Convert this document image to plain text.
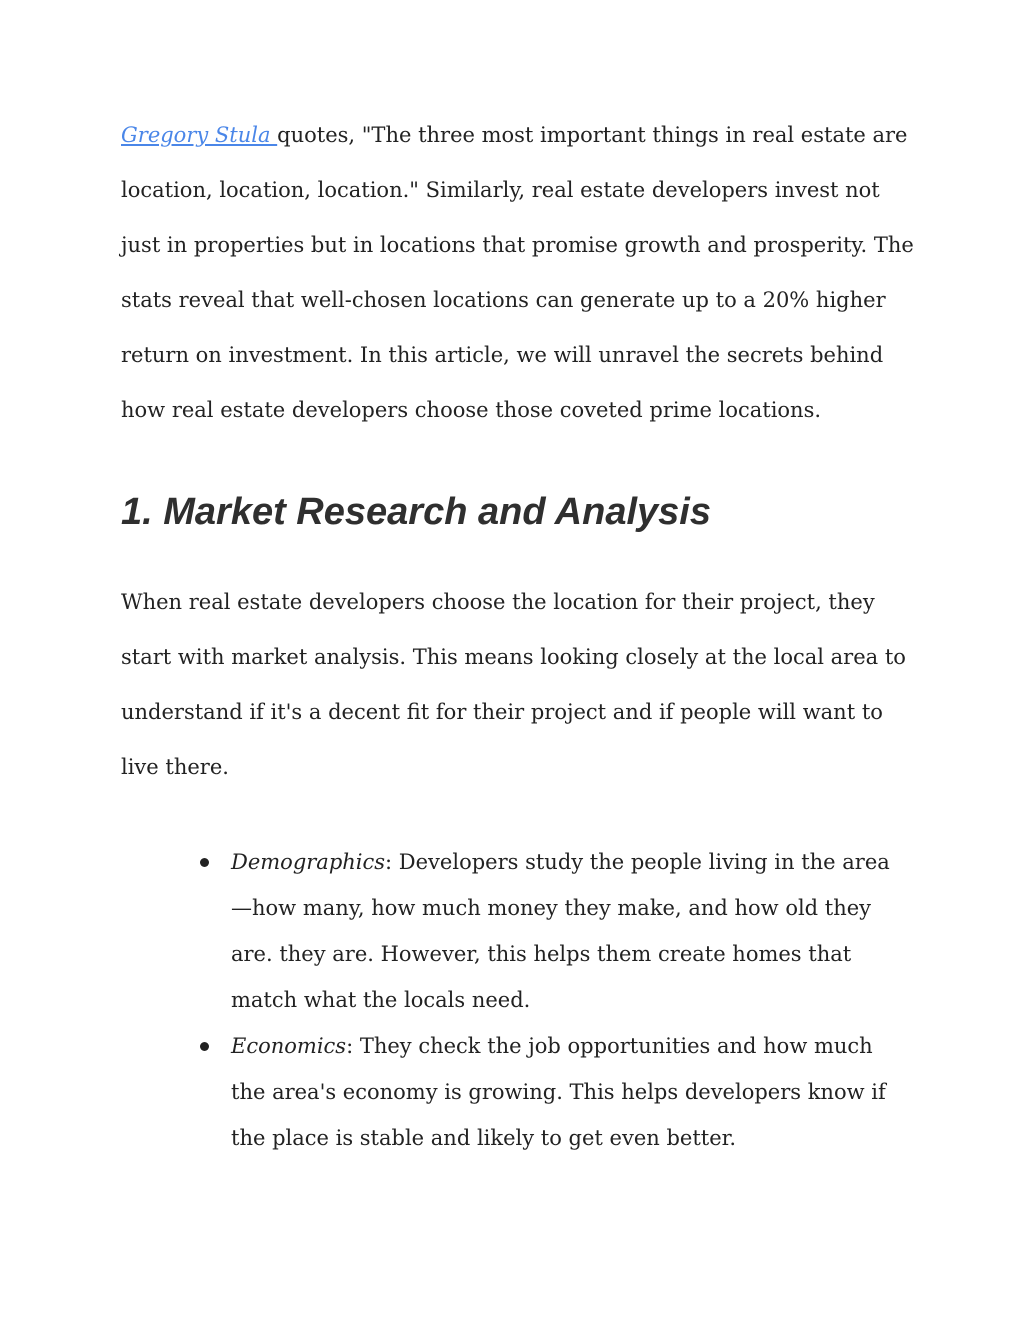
Gregory Stula quotes, "The three most important things in real estate are location, location, location." Similarly, real estate developers invest not just in properties but in locations that promise growth and prosperity. The stats reveal that well-chosen locations can generate up to a 20% higher return on investment. In this article, we will unravel the secrets behind how real estate developers choose those coveted prime locations.

1. Market Research and Analysis

When real estate developers choose the location for their project, they start with market analysis. This means looking closely at the local area to understand if it's a decent fit for their project and if people will want to live there.

Demographics: Developers study the people living in the area—how many, how much money they make, and how old they are. they are. However, this helps them create homes that match what the locals need.
Economics: They check the job opportunities and how much the area's economy is growing. This helps developers know if the place is stable and likely to get even better.
